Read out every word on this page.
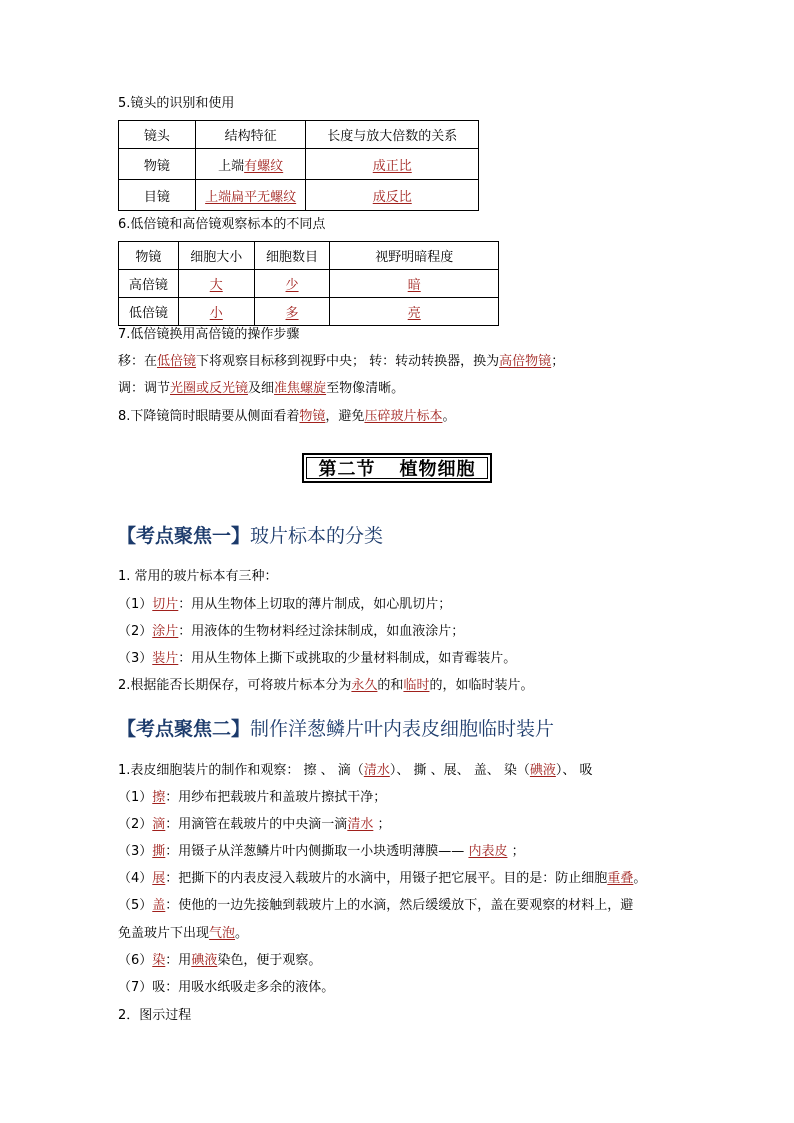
5.镜头的识别和使用
镜头	结构特征	长度与放大倍数的关系
物镜	上端有螺纹	成正比
目镜	上端扁平无螺纹	成反比
6.低倍镜和高倍镜观察标本的不同点
物镜	细胞大小	细胞数目	视野明暗程度
高倍镜	大	少	暗
低倍镜	小	多	亮
7.低倍镜换用高倍镜的操作步骤
移：在低倍镜下将观察目标移到视野中央； 转：转动转换器，换为高倍物镜；
调：调节光圈或反光镜及细准焦螺旋至物像清晰。
8.下降镜筒时眼睛要从侧面看着物镜，避免压碎玻片标本。
第二节 植物细胞
【考点聚焦一】玻片标本的分类
1. 常用的玻片标本有三种：
（1）切片：用从生物体上切取的薄片制成，如心肌切片；
（2）涂片：用液体的生物材料经过涂抹制成，如血液涂片；
（3）装片：用从生物体上撕下或挑取的少量材料制成，如青霉装片。
2.根据能否长期保存，可将玻片标本分为永久的和临时的，如临时装片。
【考点聚焦二】制作洋葱鳞片叶内表皮细胞临时装片
1.表皮细胞装片的制作和观察： 擦 、 滴（清水）、 撕 、展、 盖、 染（碘液）、 吸
（1）擦：用纱布把载玻片和盖玻片擦拭干净；
（2）滴：用滴管在载玻片的中央滴一滴清水 ；
（3）撕：用镊子从洋葱鳞片叶内侧撕取一小块透明薄膜—— 内表皮 ；
（4）展：把撕下的内表皮浸入载玻片的水滴中，用镊子把它展平。目的是：防止细胞重叠。
（5）盖：使他的一边先接触到载玻片上的水滴，然后缓缓放下，盖在要观察的材料上，避
免盖玻片下出现气泡。
（6）染：用碘液染色，便于观察。
（7）吸：用吸水纸吸走多余的液体。
2．图示过程
